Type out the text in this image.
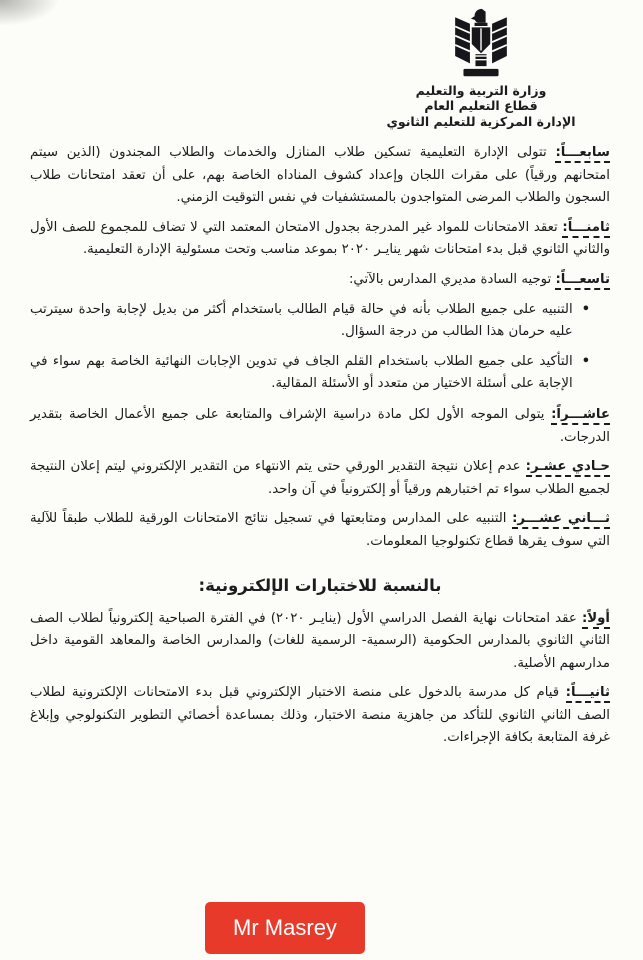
وزارة التربية والتعليم
قطاع التعليم العام
الإدارة المركزية للتعليم الثانوي

سابعـــاً: تتولى الإدارة التعليمية تسكين طلاب المنازل والخدمات والطلاب المجندون (الذين سيتم امتحانهم ورقياً) على مقرات اللجان وإعداد كشوف المناداه الخاصة بهم، على أن تعقد امتحانات طلاب السجون والطلاب المرضى المتواجدون بالمستشفيات في نفس التوقيت الزمني.

ثامنـــاً: تعقد الامتحانات للمواد غير المدرجة بجدول الامتحان المعتمد التي لا تضاف للمجموع للصف الأول والثاني الثانوي قبل بدء امتحانات شهر ينايـر ٢٠٢٠ بموعد مناسب وتحت مسئولية الإدارة التعليمية.

تاسعـــاً: توجيه السادة مديري المدارس بالآتي:

•
التنبيه على جميع الطلاب بأنه في حالة قيام الطالب باستخدام أكثر من بديل لإجابة واحدة سيترتب عليه حرمان هذا الطالب من درجة السؤال.
•
التأكيد على جميع الطلاب باستخدام القلم الجاف في تدوين الإجابات النهائية الخاصة بهم سواء في الإجابة على أسئلة الاختيار من متعدد أو الأسئلة المقالية.

عاشـــراً: يتولى الموجه الأول لكل مادة دراسية الإشراف والمتابعة على جميع الأعمال الخاصة بتقدير الدرجات.

حـادي عشـر: عدم إعلان نتيجة التقدير الورقي حتى يتم الانتهاء من التقدير الإلكتروني ليتم إعلان النتيجة لجميع الطلاب سواء تم اختبارهم ورقياً أو إلكترونياً في آن واحد.

ثـــاني عشـــر: التنبيه على المدارس ومتابعتها في تسجيل نتائج الامتحانات الورقية للطلاب طبقاً للآلية التي سوف يقرها قطاع تكنولوجيا المعلومات.

بالنسبة للاختبارات الإلكترونية:

أولاً: عقد امتحانات نهاية الفصل الدراسي الأول (ينايـر ٢٠٢٠) في الفترة الصباحية إلكترونياً لطلاب الصف الثاني الثانوي بالمدارس الحكومية (الرسمية- الرسمية للغات) والمدارس الخاصة والمعاهد القومية داخل مدارسهم الأصلية.

ثانيـــاً: قيام كل مدرسة بالدخول على منصة الاختبار الإلكتروني قبل بدء الامتحانات الإلكترونية لطلاب الصف الثاني الثانوي للتأكد من جاهزية منصة الاختبار، وذلك بمساعدة أخصائي التطوير التكنولوجي وإبلاغ غرفة المتابعة بكافة الإجراءات.

Mr Masrey
